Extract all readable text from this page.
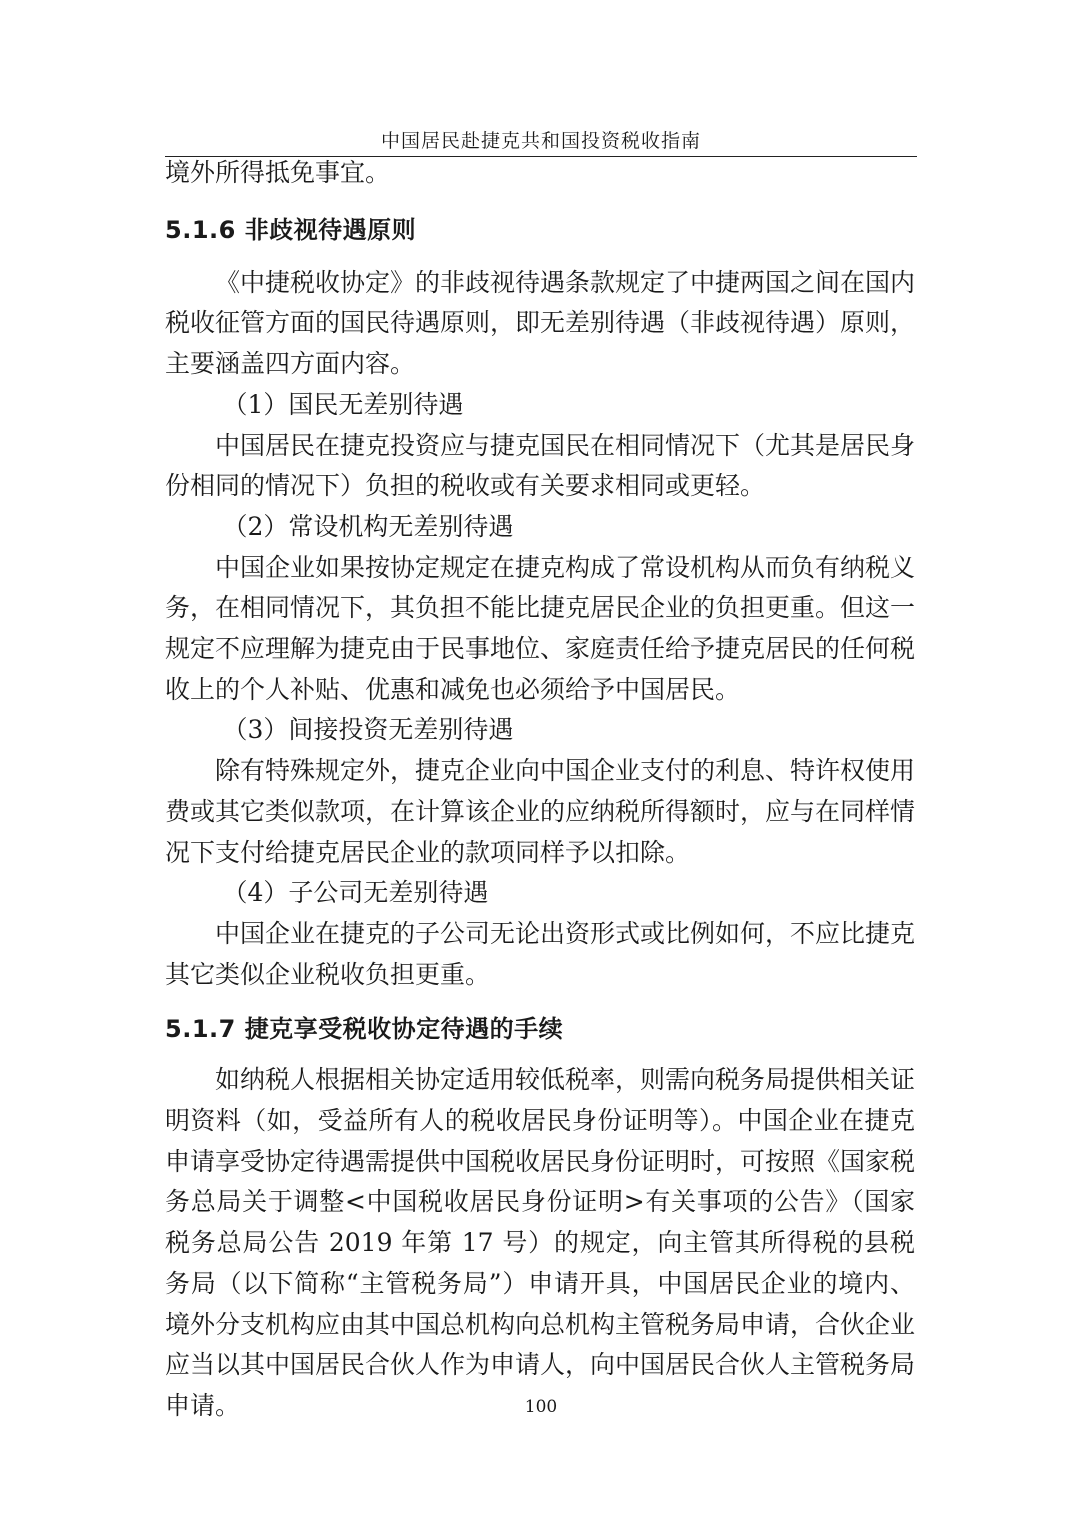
中国居民赴捷克共和国投资税收指南

境外所得抵免事宜。

5.1.6 非歧视待遇原则

《中捷税收协定》的非歧视待遇条款规定了中捷两国之间在国内税收征管方面的国民待遇原则，即无差别待遇（非歧视待遇）原则，主要涵盖四方面内容。

（1）国民无差别待遇

中国居民在捷克投资应与捷克国民在相同情况下（尤其是居民身份相同的情况下）负担的税收或有关要求相同或更轻。

（2）常设机构无差别待遇

中国企业如果按协定规定在捷克构成了常设机构从而负有纳税义务，在相同情况下，其负担不能比捷克居民企业的负担更重。但这一规定不应理解为捷克由于民事地位、家庭责任给予捷克居民的任何税收上的个人补贴、优惠和减免也必须给予中国居民。

（3）间接投资无差别待遇

除有特殊规定外，捷克企业向中国企业支付的利息、特许权使用费或其它类似款项，在计算该企业的应纳税所得额时，应与在同样情况下支付给捷克居民企业的款项同样予以扣除。

（4）子公司无差别待遇

中国企业在捷克的子公司无论出资形式或比例如何，不应比捷克其它类似企业税收负担更重。

5.1.7 捷克享受税收协定待遇的手续

如纳税人根据相关协定适用较低税率，则需向税务局提供相关证明资料（如，受益所有人的税收居民身份证明等）。中国企业在捷克申请享受协定待遇需提供中国税收居民身份证明时，可按照《国家税务总局关于调整<中国税收居民身份证明>有关事项的公告》（国家税务总局公告 2019 年第 17 号）的规定，向主管其所得税的县税务局（以下简称“主管税务局”）申请开具，中国居民企业的境内、境外分支机构应由其中国总机构向总机构主管税务局申请，合伙企业应当以其中国居民合伙人作为申请人，向中国居民合伙人主管税务局申请。	100
